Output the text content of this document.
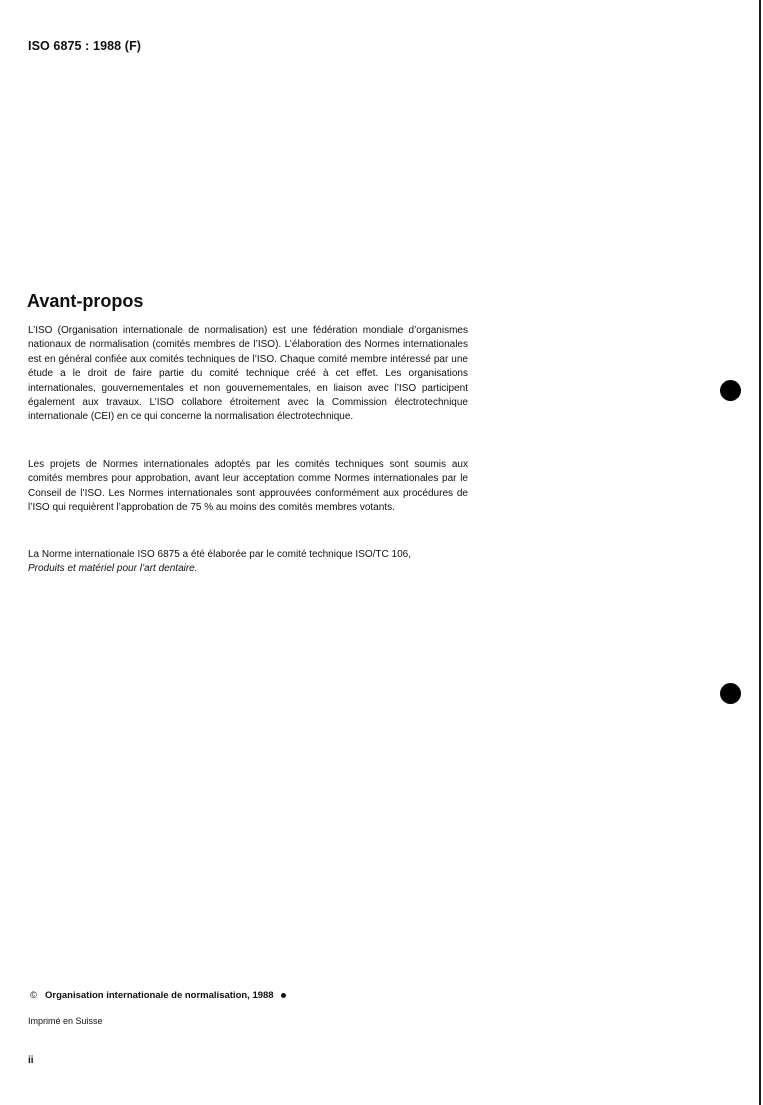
ISO 6875 : 1988 (F)
Avant-propos

L’ISO (Organisation internationale de normalisation) est une fédération mondiale d’organismes nationaux de normalisation (comités membres de l’ISO). L’élaboration des Normes internationales est en général confiée aux comités techniques de l’ISO. Chaque comité membre intéressé par une étude a le droit de faire partie du comité technique créé à cet effet. Les organisations internationales, gouvernementales et non gouvernementales, en liaison avec l’ISO participent également aux travaux. L’ISO collabore étroitement avec la Commission électrotechnique internationale (CEI) en ce qui concerne la normalisation électrotechnique.

Les projets de Normes internationales adoptés par les comités techniques sont soumis aux comités membres pour approbation, avant leur acceptation comme Normes internationales par le Conseil de l’ISO. Les Normes internationales sont approuvées conformément aux procédures de l’ISO qui requièrent l’approbation de 75 % au moins des comités membres votants.

La Norme internationale ISO 6875 a été élaborée par le comité technique ISO/TC 106,
Produits et matériel pour l’art dentaire.

© Organisation internationale de normalisation, 1988
Imprimé en Suisse
ii
